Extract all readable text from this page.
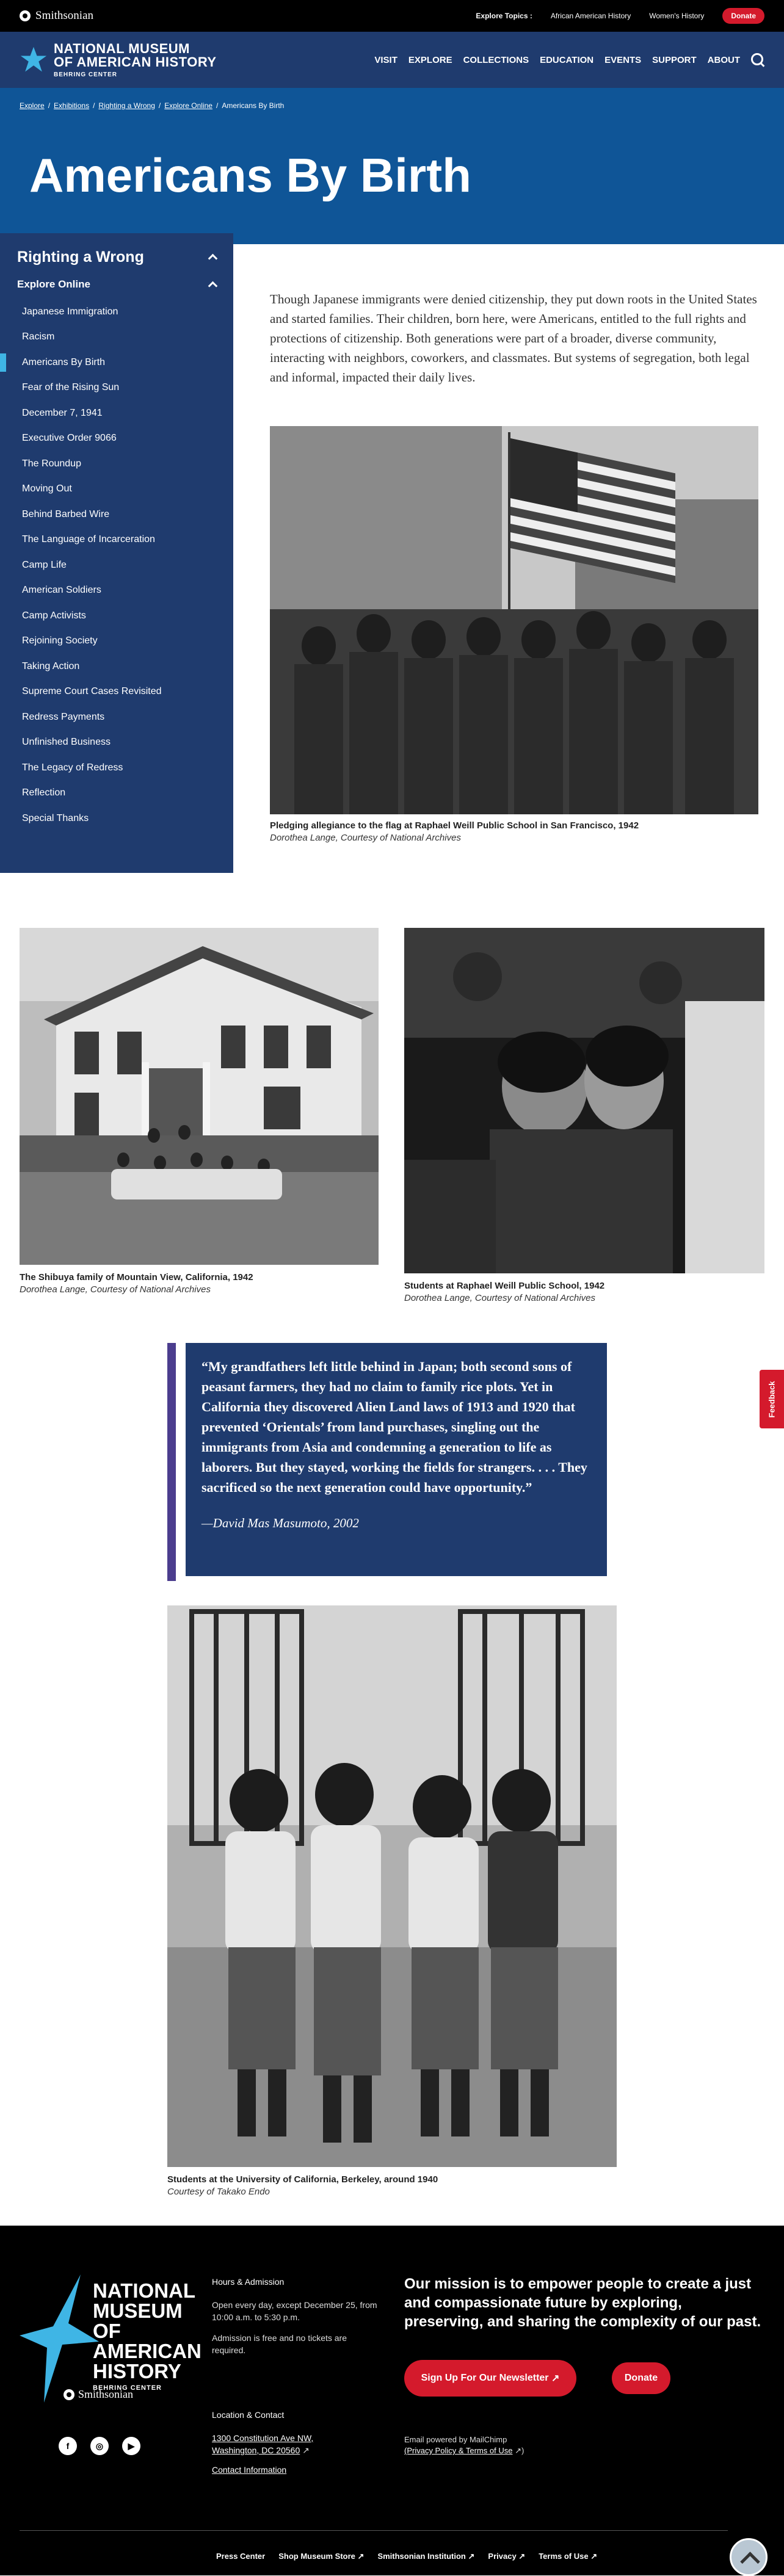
Smithsonian	Explore Topics :	African American History	Women's History	Donate
NATIONAL MUSEUM
OF AMERICAN HISTORY
BEHRING CENTER
VISIT EXPLORE COLLECTIONS EDUCATION EVENTS SUPPORT ABOUT
Explore / Exhibitions / Righting a Wrong / Explore Online / Americans By Birth
Americans By Birth
Righting a Wrong
Explore Online
Japanese Immigration
Racism
Americans By Birth
Fear of the Rising Sun
December 7, 1941
Executive Order 9066
The Roundup
Moving Out
Behind Barbed Wire
The Language of Incarceration
Camp Life
American Soldiers
Camp Activists
Rejoining Society
Taking Action
Supreme Court Cases Revisited
Redress Payments
Unfinished Business
The Legacy of Redress
Reflection
Special Thanks

Though Japanese immigrants were denied citizenship, they put down roots in the United States and started families. Their children, born here, were Americans, entitled to the full rights and protections of citizenship. Both generations were part of a broader, diverse community, interacting with neighbors, coworkers, and classmates. But systems of segregation, both legal and informal, impacted their daily lives.

Pledging allegiance to the flag at Raphael Weill Public School in San Francisco, 1942
Dorothea Lange, Courtesy of National Archives
The Shibuya family of Mountain View, California, 1942
Dorothea Lange, Courtesy of National Archives	Students at Raphael Weill Public School, 1942
Dorothea Lange, Courtesy of National Archives
“My grandfathers left little behind in Japan; both second sons of peasant farmers, they had no claim to family rice plots. Yet in California they discovered Alien Land laws of 1913 and 1920 that prevented ‘Orientals’ from land purchases, singling out the immigrants from Asia and condemning a generation to life as laborers. But they stayed, working the fields for strangers. . . . They sacrificed so the next generation could have opportunity.”
—David Mas Masumoto, 2002
Feedback
Students at the University of California, Berkeley, around 1940
Courtesy of Takako Endo
NATIONAL
MUSEUM
OF
AMERICAN
HISTORY
BEHRING CENTER
Smithsonian
f	◎	▶
Hours & Admission
Open every day, except December 25, from 10:00 a.m. to 5:30 p.m.
Admission is free and no tickets are required.
Location & Contact
1300 Constitution Ave NW,
Washington, DC 20560 ↗
Contact Information
Our mission is to empower people to create a just and compassionate future by exploring, preserving, and sharing the complexity of our past.
Sign Up For Our Newsletter
↗	Donate
Email powered by MailChimp
(Privacy Policy & Terms of Use ↗)
Press Center Shop Museum Store ↗ Smithsonian Institution ↗ Privacy ↗ Terms of Use ↗
